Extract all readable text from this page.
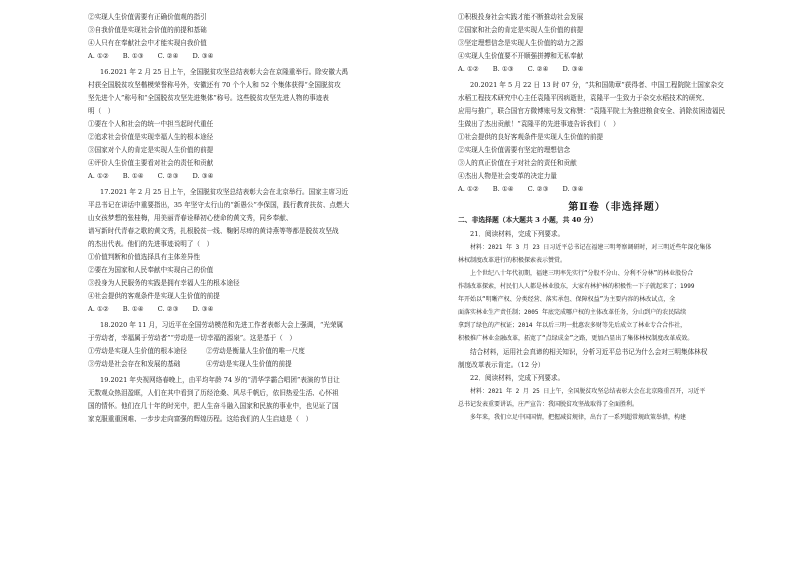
②实现人生价值需要有正确价值观的指引
③自我价值是实现社会价值的前提和基础
④人只有在奉献社会中才能实现自我价值
A. ①② B. ①③ C. ②④ D. ③④
16.2021 年 2 月 25 日上午，全国脱贫攻坚总结表彰大会在京隆重举行。除安徽大禹
村获全国脱贫攻坚楷模荣誉称号外，安徽还有 70 个个人和 52 个集体获得“全国脱贫攻
坚先进个人”称号和“全国脱贫攻坚先进集体”称号。这些脱贫攻坚先进人物的事迹表
明（　）
①要在个人和社会的统一中担当起时代重任
②追求社会价值是实现幸福人生的根本途径
③国家对个人的肯定是实现人生价值的前提
④评价人生价值主要看对社会的责任和贡献
A. ①② B. ①④ C. ②③ D. ③④
17.2021 年 2 月 25 日上午，全国脱贫攻坚总结表彰大会在北京举行。国家主席习近
平总书记在讲话中重要指出，35 年坚守太行山的“新愚公”李保国，践行教育扶贫、点燃大
山女孩梦想的张桂梅，用美丽青春诠释初心使命的黄文秀，同乡奉献、
谱写新时代青春之歌的黄文秀，扎根脱贫一线、鞠躬尽瘁的黄诗燕等等都是脱贫攻坚战
的杰出代表。他们的先进事迹说明了（　）
①价值判断和价值选择具有主体差异性
②要在为国家和人民奉献中实现自己的价值
③投身为人民服务的实践是拥有幸福人生的根本途径
④社会提供的客观条件是实现人生价值的前提
A. ①② B. ①④ C. ②③ D. ③④
18.2020 年 11 月，习近平在全国劳动模范和先进工作者表彰大会上强调，“光荣属
于劳动者，幸福属于劳动者”“劳动是一切幸福的源泉”。这是基于（　）
①劳动是实现人生价值的根本途径	②劳动是衡量人生价值的唯一尺度
③劳动是社会存在和发展的基础	④劳动是实现人生价值的前提
19.2021 年央视网络春晚上，由平均年龄 74 岁的“清华学霸合唱团”表演的节目让
无数观众热泪盈眶，人们在其中看到了历经沧桑、风尽千帆后，依旧热爱生活、心怀祖
国的情怀。他们在几十年的时光中，把人生奋斗融入国家和民族的事业中，也见证了国
家克服重重困难、一步步走向富强的辉煌历程。这给我们的人生启迪是（　）
①积极投身社会实践才能不断推动社会发展
②国家和社会的肯定是实现人生价值的前提
③坚定理想信念是实现人生价值的动力之源
④实现人生价值要不开顺强拼搏和无私奉献
A. ①② B. ①③ C. ②④ D. ③④
20.2021 年 5 月 22 日 13 时 07 分，“共和国勋章”获得者、中国工程院院士国家杂交
水稻工程技术研究中心主任袁隆平因病逝世，袁隆平一生致力于杂交水稻技术的研究、
应用与推广，联合国官方微博账号发文称赞：“袁隆平院士为推进粮食安全、消除贫困造福民
生做出了杰出贡献！”袁隆平的先进事迹告诉我们（　）
①社会提供的良好客观条件是实现人生价值的前提
②实现人生价值需要有坚定的理想信念
③人的真正价值在于对社会的责任和贡献
④杰出人物是社会变革的决定力量
A. ①② B. ①④ C. ②③ D. ③④
第Ⅱ卷（非选择题）
二、非选择题（本大题共 3 小题，共 40 分）
21．阅读材料，完成下列要求。
材料：2021 年 3 月 23 日习近平总书记在福建三明考察调研时，对三明近些年深化集体
林权制度改革进行的积极探索表示赞赏。
上个世纪八十年代初期，福建三明率先实行“分股不分山、分利不分林”的林业股份合
作制改革探索，村民们人人都是林业股东，大家有林护林的积极性一下子就起来了；1999
年开始以“明晰产权、分类经营、落实承包、保障权益”为主要内容的林改试点，全
面落实林业生产责任制；2005 年底完成哪户权的主体改革任务，分山到户的农民陆续
拿到了绿色的产权证；2014 年以后三明一批惠农多财等先后成立了林业专合合作社，
积极推广林业金融改革，拓宽了“点绿成金”之路，更加凸显出了集体林权制度改革成效。
结合材料，运用社会真谛的相关知识，分析习近平总书记为什么会对三明集体林权
制度改革表示肯定。（12 分）
22．阅读材料，完成下列要求。
材料：2021 年 2 月 25 日上午，全国脱贫攻坚总结表彰大会在北京隆重召开，习近平
总书记发表重要讲话，庄严宣告：我国脱贫攻坚战取得了全面胜利。
多年来，我们立足中国国情，把握减贫规律，出台了一系列超常规政策举措，构建
